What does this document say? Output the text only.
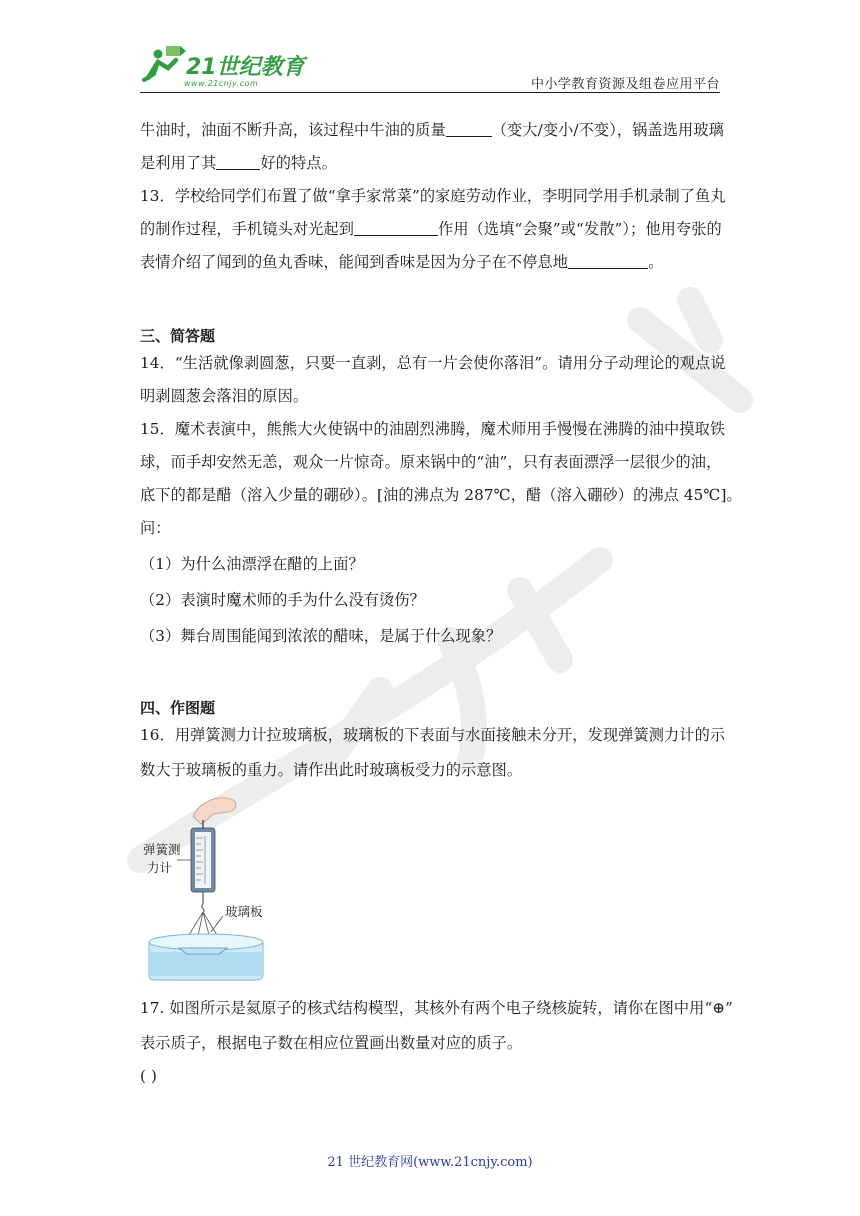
21世纪教育
www.21cnjy.com	中小学教育资源及组卷应用平台
牛油时，油面不断升高，该过程中牛油的质量	（变大/变小/不变），锅盖选用玻璃
是利用了其	好的特点。
13．学校给同学们布置了做“拿手家常菜”的家庭劳动作业，李明同学用手机录制了鱼丸
的制作过程，手机镜头对光起到	作用（选填“会聚”或“发散”）；他用夸张的
表情介绍了闻到的鱼丸香味，能闻到香味是因为分子在不停息地	。
三、简答题
14．“生活就像剥圆葱，只要一直剥，总有一片会使你落泪”。请用分子动理论的观点说
明剥圆葱会落泪的原因。
15．魔术表演中，熊熊大火使锅中的油剧烈沸腾，魔术师用手慢慢在沸腾的油中摸取铁
球，而手却安然无恙，观众一片惊奇。原来锅中的“油”，只有表面漂浮一层很少的油，
底下的都是醋（溶入少量的硼砂）。[油的沸点为 287℃，醋（溶入硼砂）的沸点 45℃]。
问：
（1）为什么油漂浮在醋的上面？
（2）表演时魔术师的手为什么没有烫伤？
（3）舞台周围能闻到浓浓的醋味，是属于什么现象？
四、作图题
16．用弹簧测力计拉玻璃板，玻璃板的下表面与水面接触未分开，发现弹簧测力计的示
数大于玻璃板的重力。请作出此时玻璃板受力的示意图。
17. 如图所示是氦原子的核式结构模型，其核外有两个电子绕核旋转，请你在图中用“⊕”
表示质子，根据电子数在相应位置画出数量对应的质子。
( )
弹簧测
力计
玻璃板
21 世纪教育网(www.21cnjy.com)
